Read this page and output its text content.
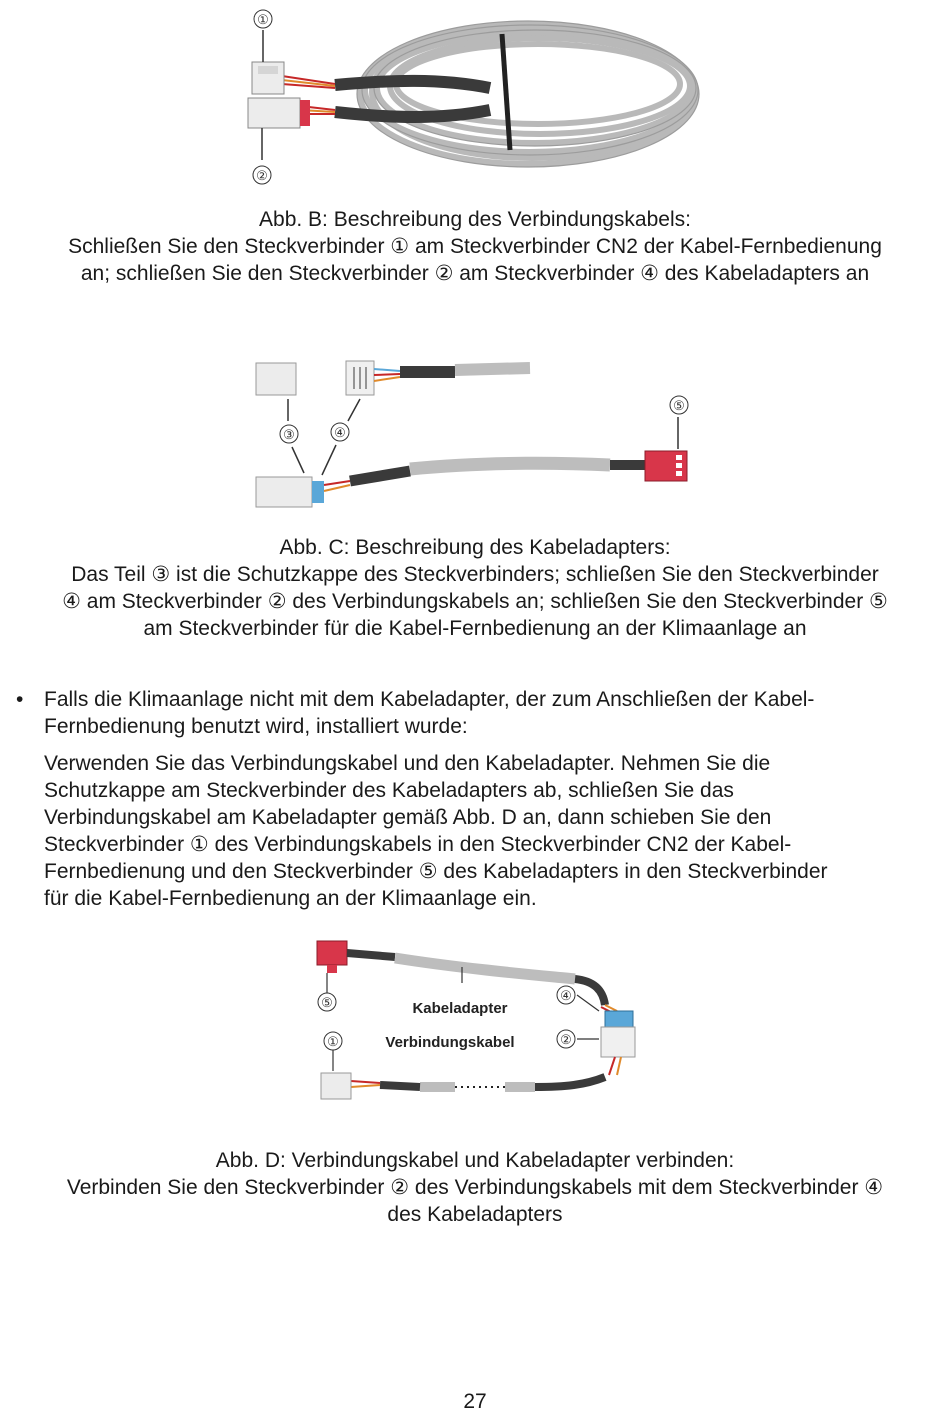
①
②
Abb. B: Beschreibung des Verbindungskabels:
Schließen Sie den Steckverbinder ① am Steckverbinder CN2 der Kabel-Fernbedienung
an; schließen Sie den Steckverbinder ② am Steckverbinder ④ des Kabeladapters an
③	④
⑤
Abb. C: Beschreibung des Kabeladapters:
Das Teil ③ ist die Schutzkappe des Steckverbinders; schließen Sie den Steckverbinder
④ am Steckverbinder ② des Verbindungskabels an; schließen Sie den Steckverbinder ⑤
am Steckverbinder für die Kabel-Fernbedienung an der Klimaanlage an
• Falls die Klimaanlage nicht mit dem Kabeladapter, der zum Anschließen der Kabel-
Fernbedienung benutzt wird, installiert wurde:
Verwenden Sie das Verbindungskabel und den Kabeladapter. Nehmen Sie die
Schutzkappe am Steckverbinder des Kabeladapters ab, schließen Sie das
Verbindungskabel am Kabeladapter gemäß Abb. D an, dann schieben Sie den
Steckverbinder ① des Verbindungskabels in den Steckverbinder CN2 der Kabel-
Fernbedienung und den Steckverbinder ⑤ des Kabeladapters in den Steckverbinder
für die Kabel-Fernbedienung an der Klimaanlage ein.
⑤	④
①	②
Kabeladapter
Verbindungskabel
Abb. D: Verbindungskabel und Kabeladapter verbinden:
Verbinden Sie den Steckverbinder ② des Verbindungskabels mit dem Steckverbinder ④
des Kabeladapters
27
